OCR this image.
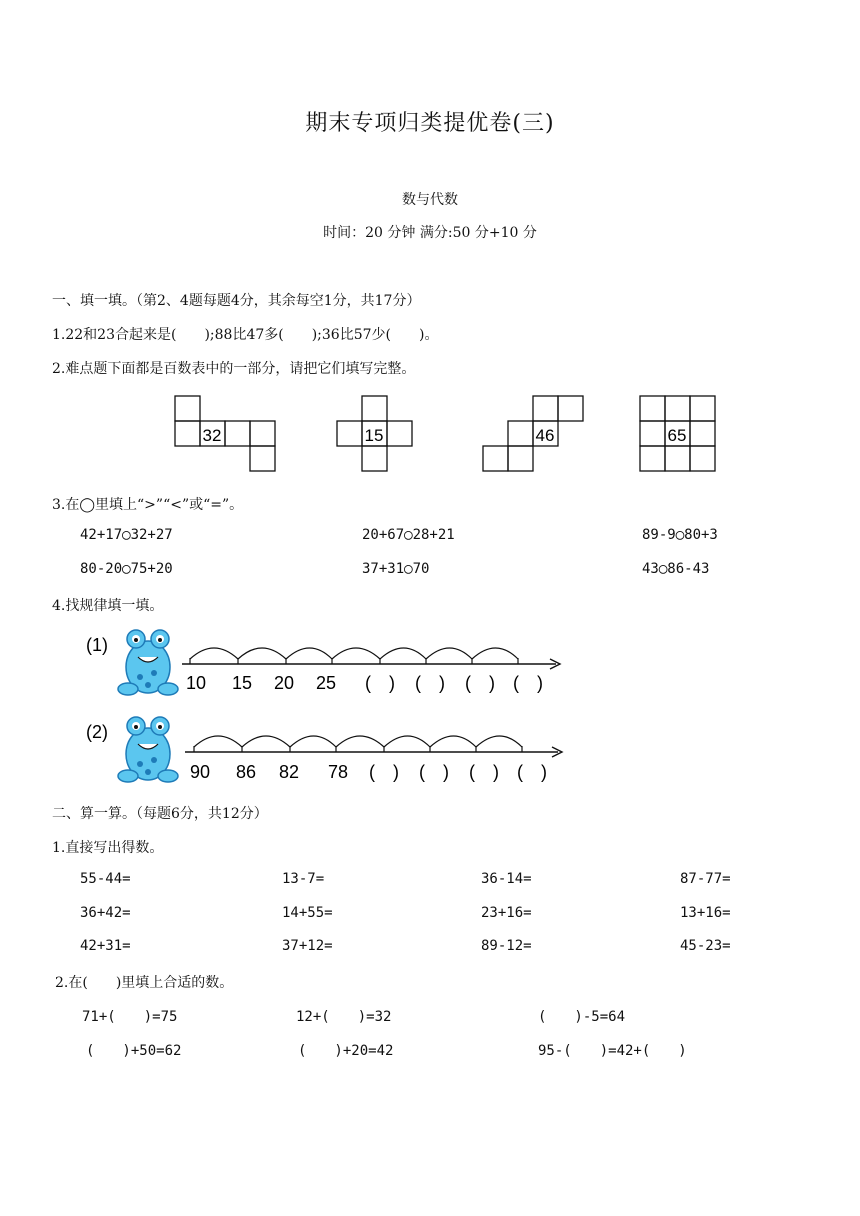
期末专项归类提优卷(三)
数与代数
时间：20 分钟 满分:50 分+10 分
一、填一填。（第2、4题每题4分，其余每空1分，共17分）
1.22和23合起来是(　　);88比47多(　　);36比57少(　　)。
2.难点题下面都是百数表中的一部分，请把它们填写完整。
32	15	46	65
3.在◯里填上“>”“<”或“=”。
42+17◯32+27	20+67◯28+21	89-9◯80+3
80-20◯75+20	37+31◯70	43◯86-43
4.找规律填一填。
(1)
10 15 20 25 (　) (　) (　) (　)
(2)
90 86 82 78 (　) (　) (　) (　)
二、算一算。（每题6分，共12分）
1.直接写出得数。
55-44=	13-7=	36-14=	87-77=
36+42=	14+55=	23+16=	13+16=
42+31=	37+12=	89-12=	45-23=
2.在(　　)里填上合适的数。
71+(　　)=75	12+(　　)=32	(　　)-5=64
(　　)+50=62	(　　)+20=42	95-(　　)=42+(　　)
